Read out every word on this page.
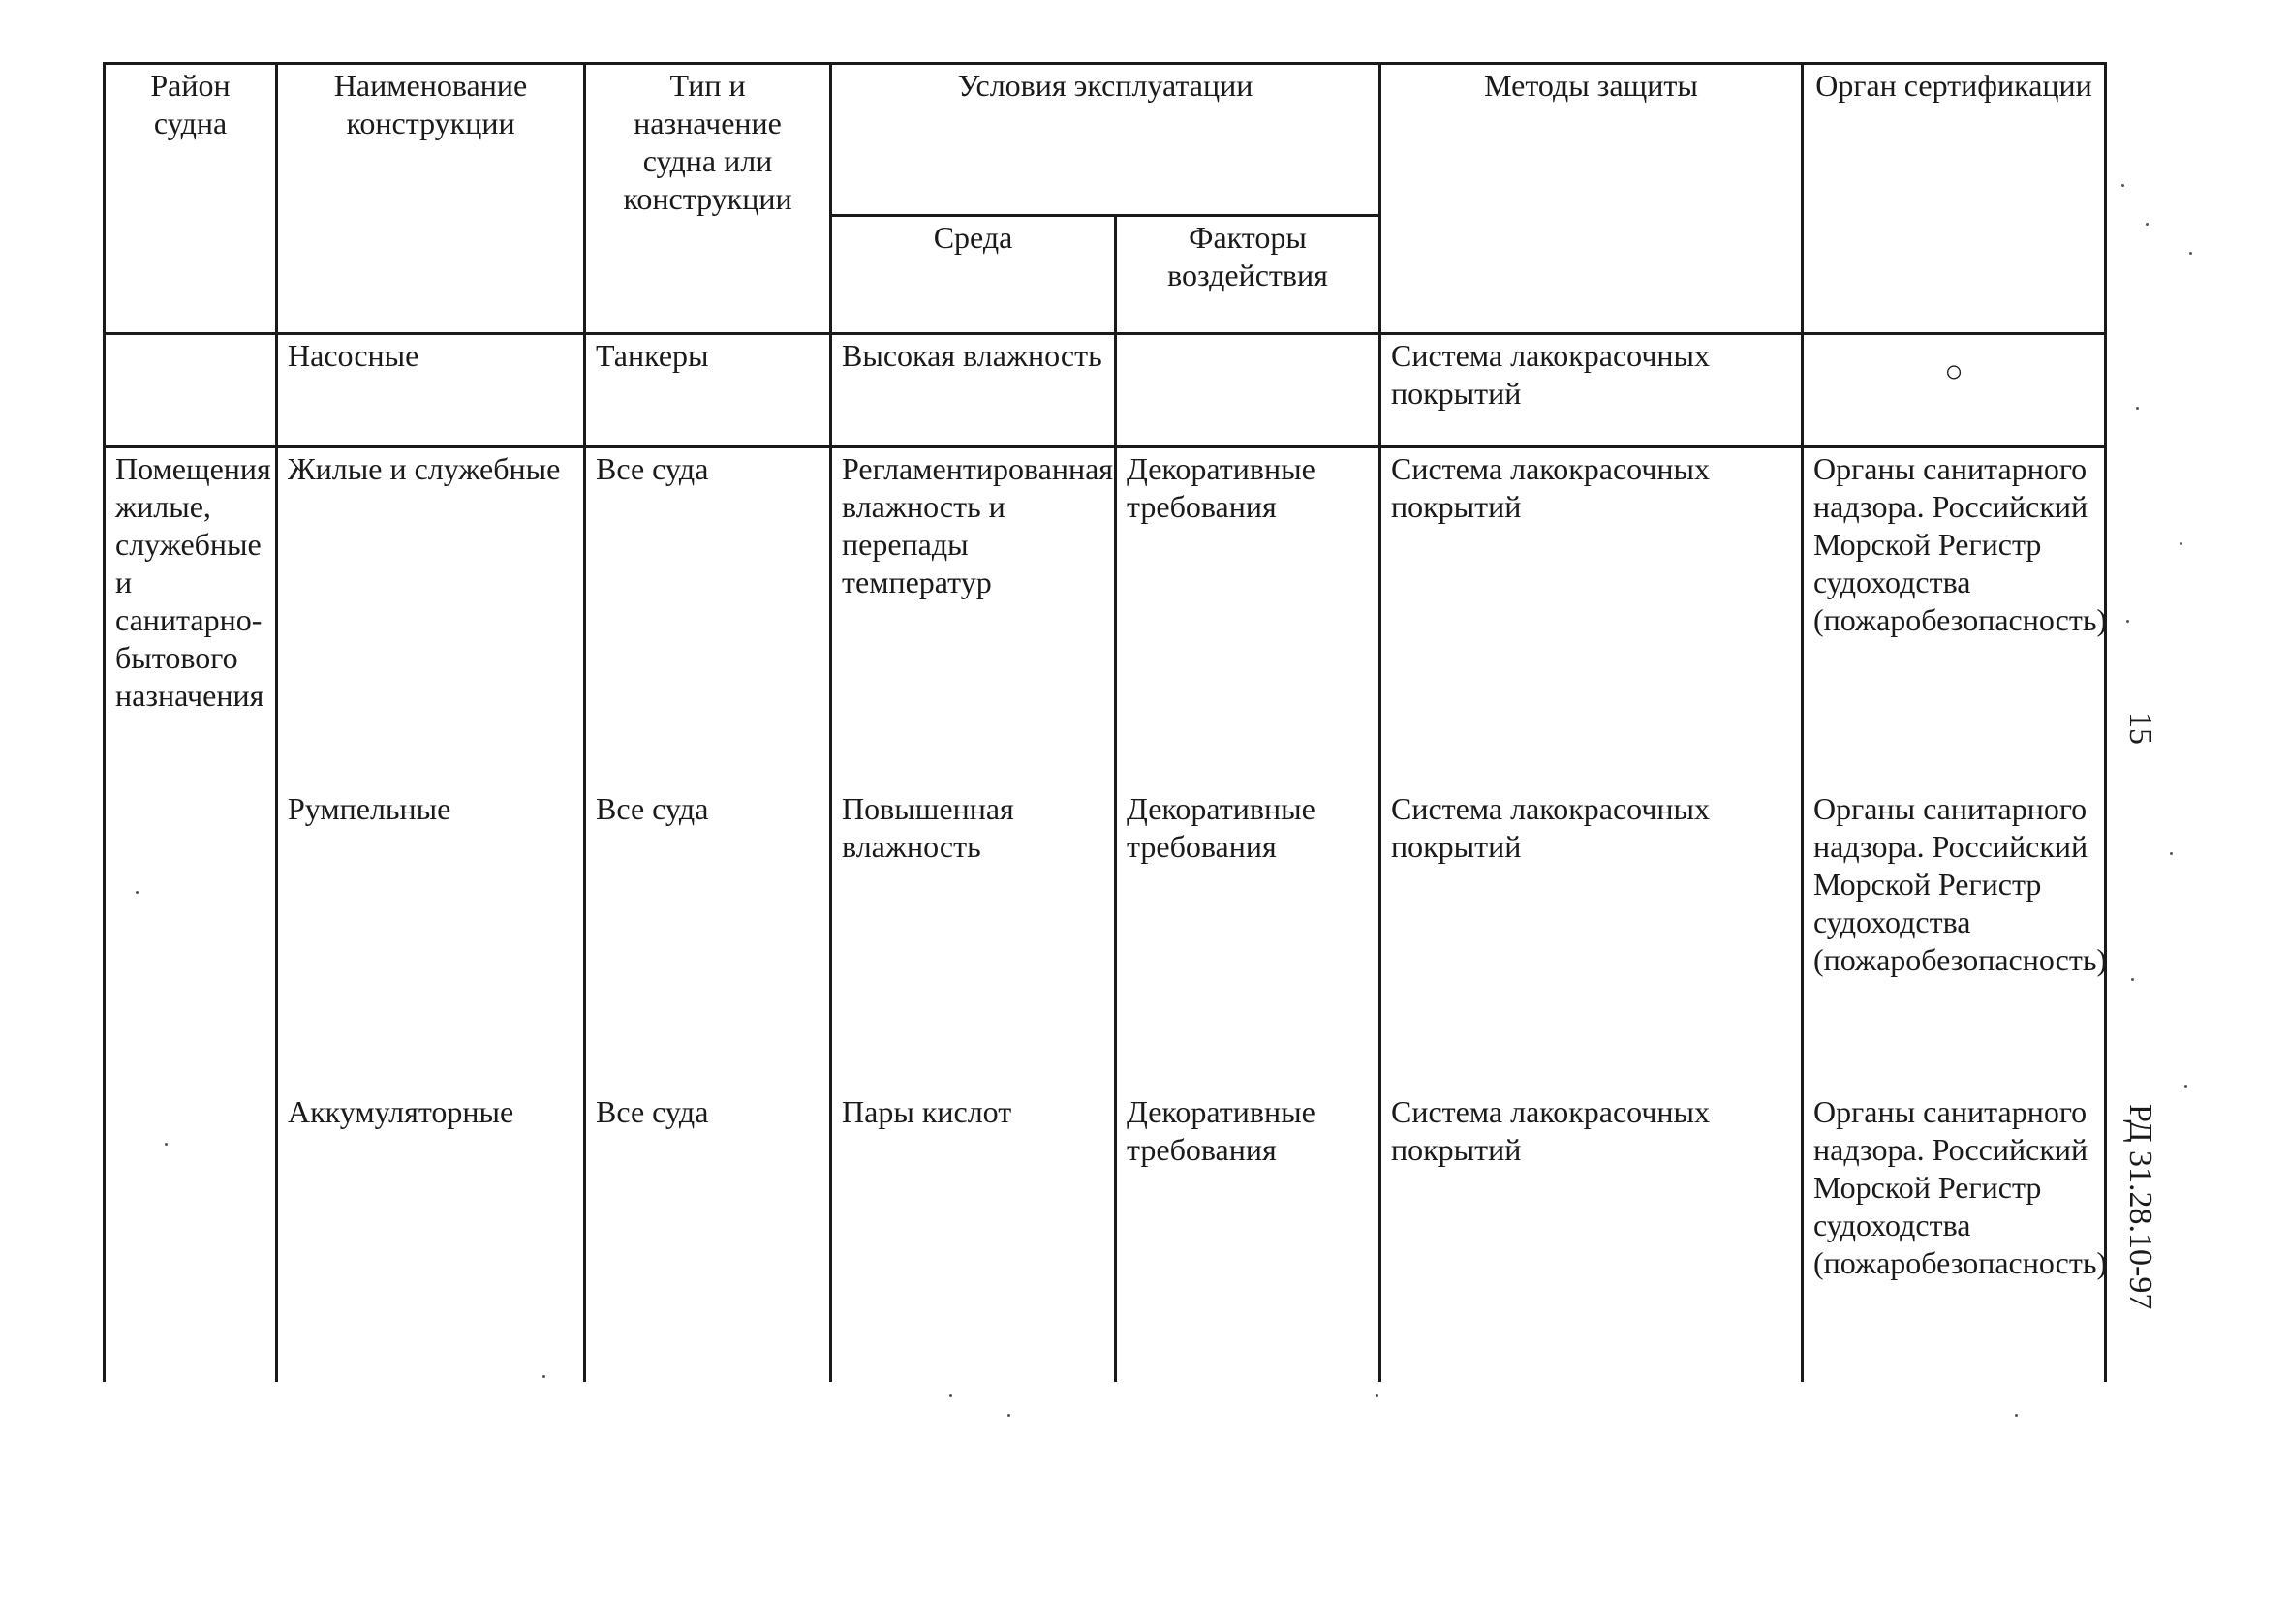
Район судна	Наименование конструкции	Тип и назначение судна или конструкции	Условия эксплуатации		Методы защиты	Орган сертификации
			Среда	Факторы воздействия		
	Насосные	Танкеры	Высокая влажность		Система лакокрасочных покрытий	○
Помещения жилые, служебные и санитарно-бытового назначения	Жилые и служебные	Все суда	Регламентированная влажность и перепады температур	Декоративные требования	Система лакокрасочных покрытий	Органы санитарного надзора. Российский Морской Регистр судоходства (пожаробезопасность)
	Румпельные	Все суда	Повышенная влажность	Декоративные требования	Система лакокрасочных покрытий	Органы санитарного надзора. Российский Морской Регистр судоходства (пожаробезопасность)
	Аккумуляторные	Все суда	Пары кислот	Декоративные требования	Система лакокрасочных покрытий	Органы санитарного надзора. Российский Морской Регистр судоходства (пожаробезопасность)
15
РД 31.28.10-97
